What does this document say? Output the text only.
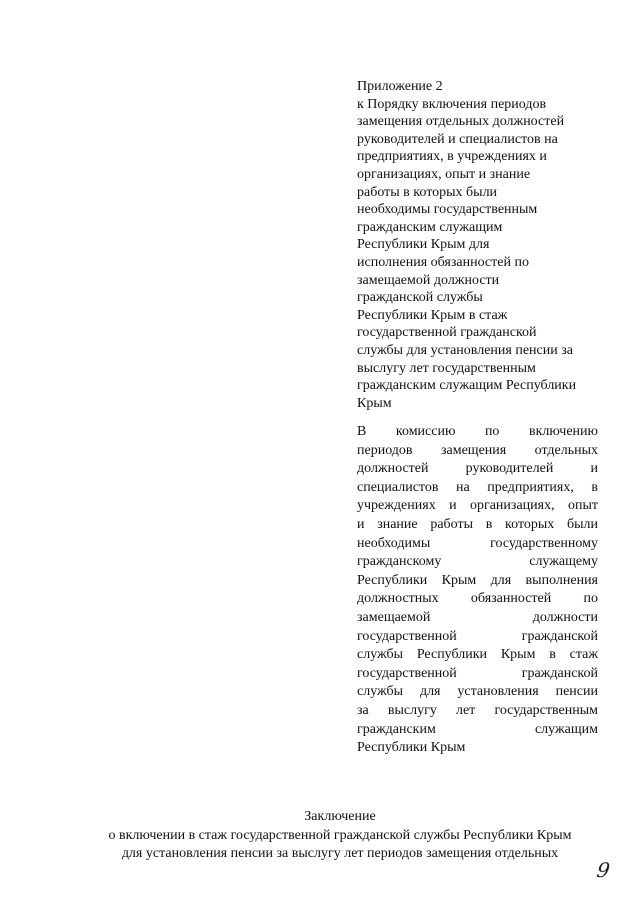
Приложение 2
к Порядку включения периодов
замещения отдельных должностей
руководителей и специалистов на
предприятиях, в учреждениях и
организациях, опыт и знание
работы в которых были
необходимы государственным
гражданским служащим
Республики Крым для
исполнения обязанностей по
замещаемой должности
гражданской службы
Республики Крым в стаж
государственной гражданской
службы для установления пенсии за
выслугу лет государственным
гражданским служащим Республики
Крым
В комиссию по включению
периодов замещения отдельных
должностей руководителей и
специалистов на предприятиях, в
учреждениях и организациях, опыт
и знание работы в которых были
необходимы государственному
гражданскому служащему
Республики Крым для выполнения
должностных обязанностей по
замещаемой должности
государственной гражданской
службы Республики Крым в стаж
государственной гражданской
службы для установления пенсии
за выслугу лет государственным
гражданским служащим
Республики Крым
Заключение
о включении в стаж государственной гражданской службы Республики Крым
для установления пенсии за выслугу лет периодов замещения отдельных
9
